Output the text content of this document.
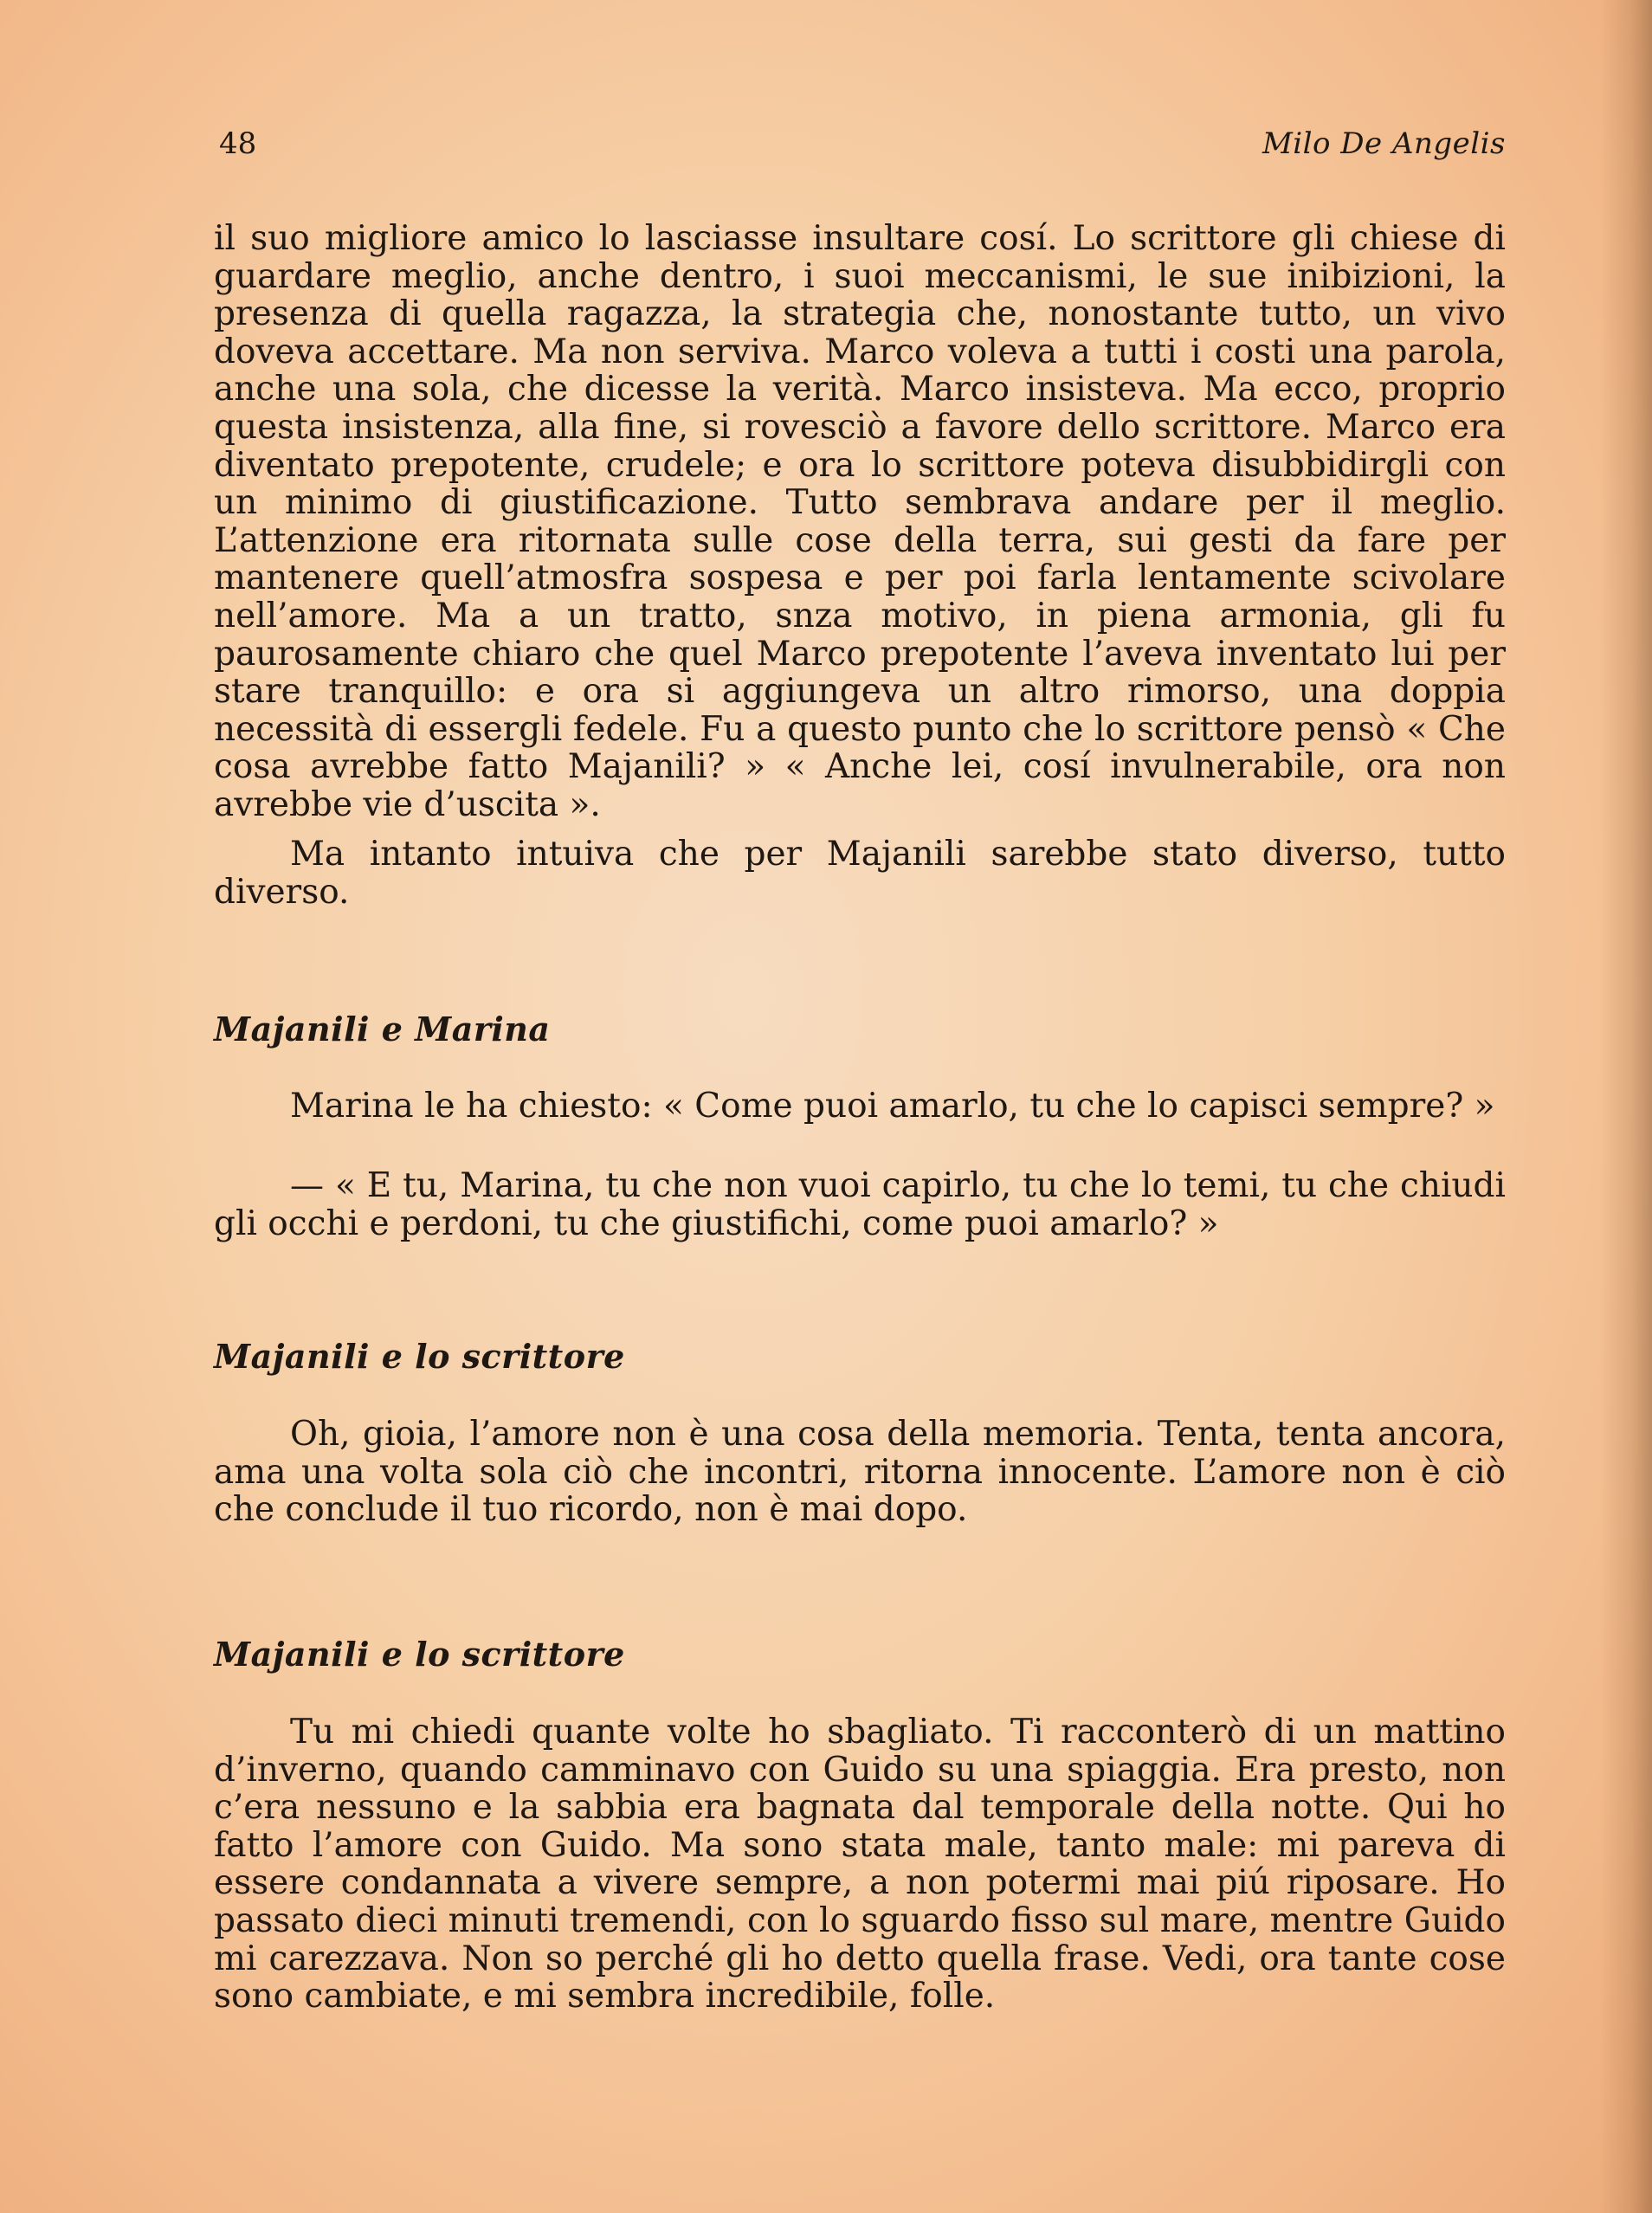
48	Milo De Angelis

il suo migliore amico lo lasciasse insultare cosí. Lo scrittore gli chiese di guardare meglio, anche dentro, i suoi meccanismi, le sue inibizioni, la presenza di quella ragazza, la strategia che, nonostante tutto, un vivo doveva accettare. Ma non serviva. Marco voleva a tutti i costi una parola, anche una sola, che dicesse la verità. Marco insisteva. Ma ecco, proprio questa insistenza, alla fine, si rovesciò a favore dello scrittore. Marco era diventato prepotente, crudele; e ora lo scrittore poteva disubbidirgli con un minimo di giustificazione. Tutto sembrava andare per il meglio. L’attenzione era ritornata sulle cose della terra, sui gesti da fare per mantenere quell’atmosfra sospesa e per poi farla lentamente scivolare nell’amore. Ma a un tratto, snza motivo, in piena armonia, gli fu paurosamente chiaro che quel Marco prepotente l’aveva inventato lui per stare tranquillo: e ora si aggiungeva un altro rimorso, una doppia necessità di essergli fedele. Fu a questo punto che lo scrittore pensò « Che cosa avrebbe fatto Majanili? » « Anche lei, cosí invulnerabile, ora non avrebbe vie d’uscita ».

Ma intanto intuiva che per Majanili sarebbe stato diverso, tutto diverso.

Majanili e Marina

Marina le ha chiesto: « Come puoi amarlo, tu che lo capisci sempre? »

— « E tu, Marina, tu che non vuoi capirlo, tu che lo temi, tu che chiudi gli occhi e perdoni, tu che giustifichi, come puoi amarlo? »

Majanili e lo scrittore

Oh, gioia, l’amore non è una cosa della memoria. Tenta, tenta ancora, ama una volta sola ciò che incontri, ritorna innocente. L’amore non è ciò che conclude il tuo ricordo, non è mai dopo.

Majanili e lo scrittore

Tu mi chiedi quante volte ho sbagliato. Ti racconterò di un mattino d’inverno, quando camminavo con Guido su una spiaggia. Era presto, non c’era nessuno e la sabbia era bagnata dal temporale della notte. Qui ho fatto l’amore con Guido. Ma sono stata male, tanto male: mi pareva di essere condannata a vivere sempre, a non potermi mai piú riposare. Ho passato dieci minuti tremendi, con lo sguardo fisso sul mare, mentre Guido mi carezzava. Non so perché gli ho detto quella frase. Vedi, ora tante cose sono cambiate, e mi sembra incredibile, folle.
